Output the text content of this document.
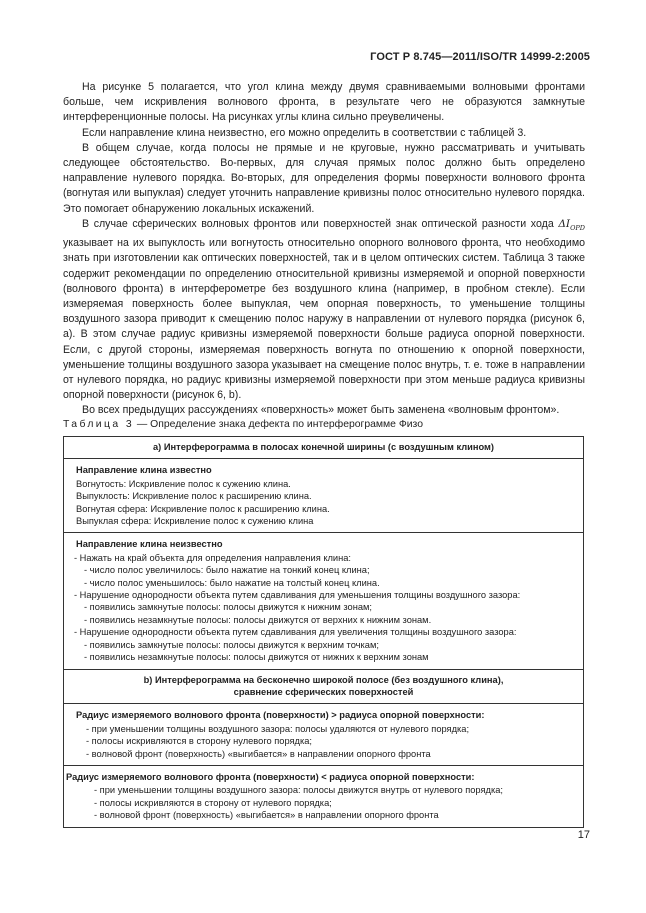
ГОСТ Р 8.745—2011/ISO/TR 14999-2:2005

На рисунке 5 полагается, что угол клина между двумя сравниваемыми волновыми фронтами больше, чем искривления волнового фронта, в результате чего не образуются замкнутые интерференционные полосы. На рисунках углы клина сильно преувеличены.

Если направление клина неизвестно, его можно определить в соответствии с таблицей 3.

В общем случае, когда полосы не прямые и не круговые, нужно рассматривать и учитывать следующее обстоятельство. Во-первых, для случая прямых полос должно быть определено направление нулевого порядка. Во-вторых, для определения формы поверхности волнового фронта (вогнутая или выпуклая) следует уточнить направление кривизны полос относительно нулевого порядка. Это помогает обнаружению локальных искажений.

В случае сферических волновых фронтов или поверхностей знак оптической разности хода $\Delta I_{OPD}$ указывает на их выпуклость или вогнутость относительно опорного волнового фронта, что необходимо знать при изготовлении как оптических поверхностей, так и в целом оптических систем. Таблица 3 также содержит рекомендации по определению относительной кривизны измеряемой и опорной поверхности (волнового фронта) в интерферометре без воздушного клина (например, в пробном стекле). Если измеряемая поверхность более выпуклая, чем опорная поверхность, то уменьшение толщины воздушного зазора приводит к смещению полос наружу в направлении от нулевого порядка (рисунок 6, а). В этом случае радиус кривизны измеряемой поверхности больше радиуса опорной поверхности. Если, с другой стороны, измеряемая поверхность вогнута по отношению к опорной поверхности, уменьшение толщины воздушного зазора указывает на смещение полос внутрь, т. е. тоже в направлении от нулевого порядка, но радиус кривизны измеряемой поверхности при этом меньше радиуса кривизны опорной поверхности (рисунок 6, b).

Во всех предыдущих рассуждениях «поверхность» может быть заменена «волновым фронтом».

Таблица 3 — Определение знака дефекта по интерферограмме Физо
a) Интерферограмма в полосах конечной ширины (с воздушным клином)

Направление клина известно
Вогнутость: Искривление полос к сужению клина.
Выпуклость: Искривление полос к расширению клина.
Вогнутая сфера: Искривление полос к расширению клина.
Выпуклая сфера: Искривление полос к сужению клина

Направление клина неизвестно
- Нажать на край объекта для определения направления клина:
- число полос увеличилось: было нажатие на тонкий конец клина;
- число полос уменьшилось: было нажатие на толстый конец клина.
- Нарушение однородности объекта путем сдавливания для уменьшения толщины воздушного зазора:
- появились замкнутые полосы: полосы движутся к нижним зонам;
- появились незамкнутые полосы: полосы движутся от верхних к нижним зонам.
- Нарушение однородности объекта путем сдавливания для увеличения толщины воздушного зазора:
- появились замкнутые полосы: полосы движутся к верхним точкам;
- появились незамкнутые полосы: полосы движутся от нижних к верхним зонам

b) Интерферограмма на бесконечно широкой полосе (без воздушного клина),
сравнение сферических поверхностей

Радиус измеряемого волнового фронта (поверхности) > радиуса опорной поверхности:
- при уменьшении толщины воздушного зазора: полосы удаляются от нулевого порядка;
- полосы искривляются в сторону нулевого порядка;
- волновой фронт (поверхность) «выгибается» в направлении опорного фронта

Радиус измеряемого волнового фронта (поверхности) < радиуса опорной поверхности:
- при уменьшении толщины воздушного зазора: полосы движутся внутрь от нулевого порядка;
- полосы искривляются в сторону от нулевого порядка;
- волновой фронт (поверхность) «выгибается» в направлении опорного фронта
17
